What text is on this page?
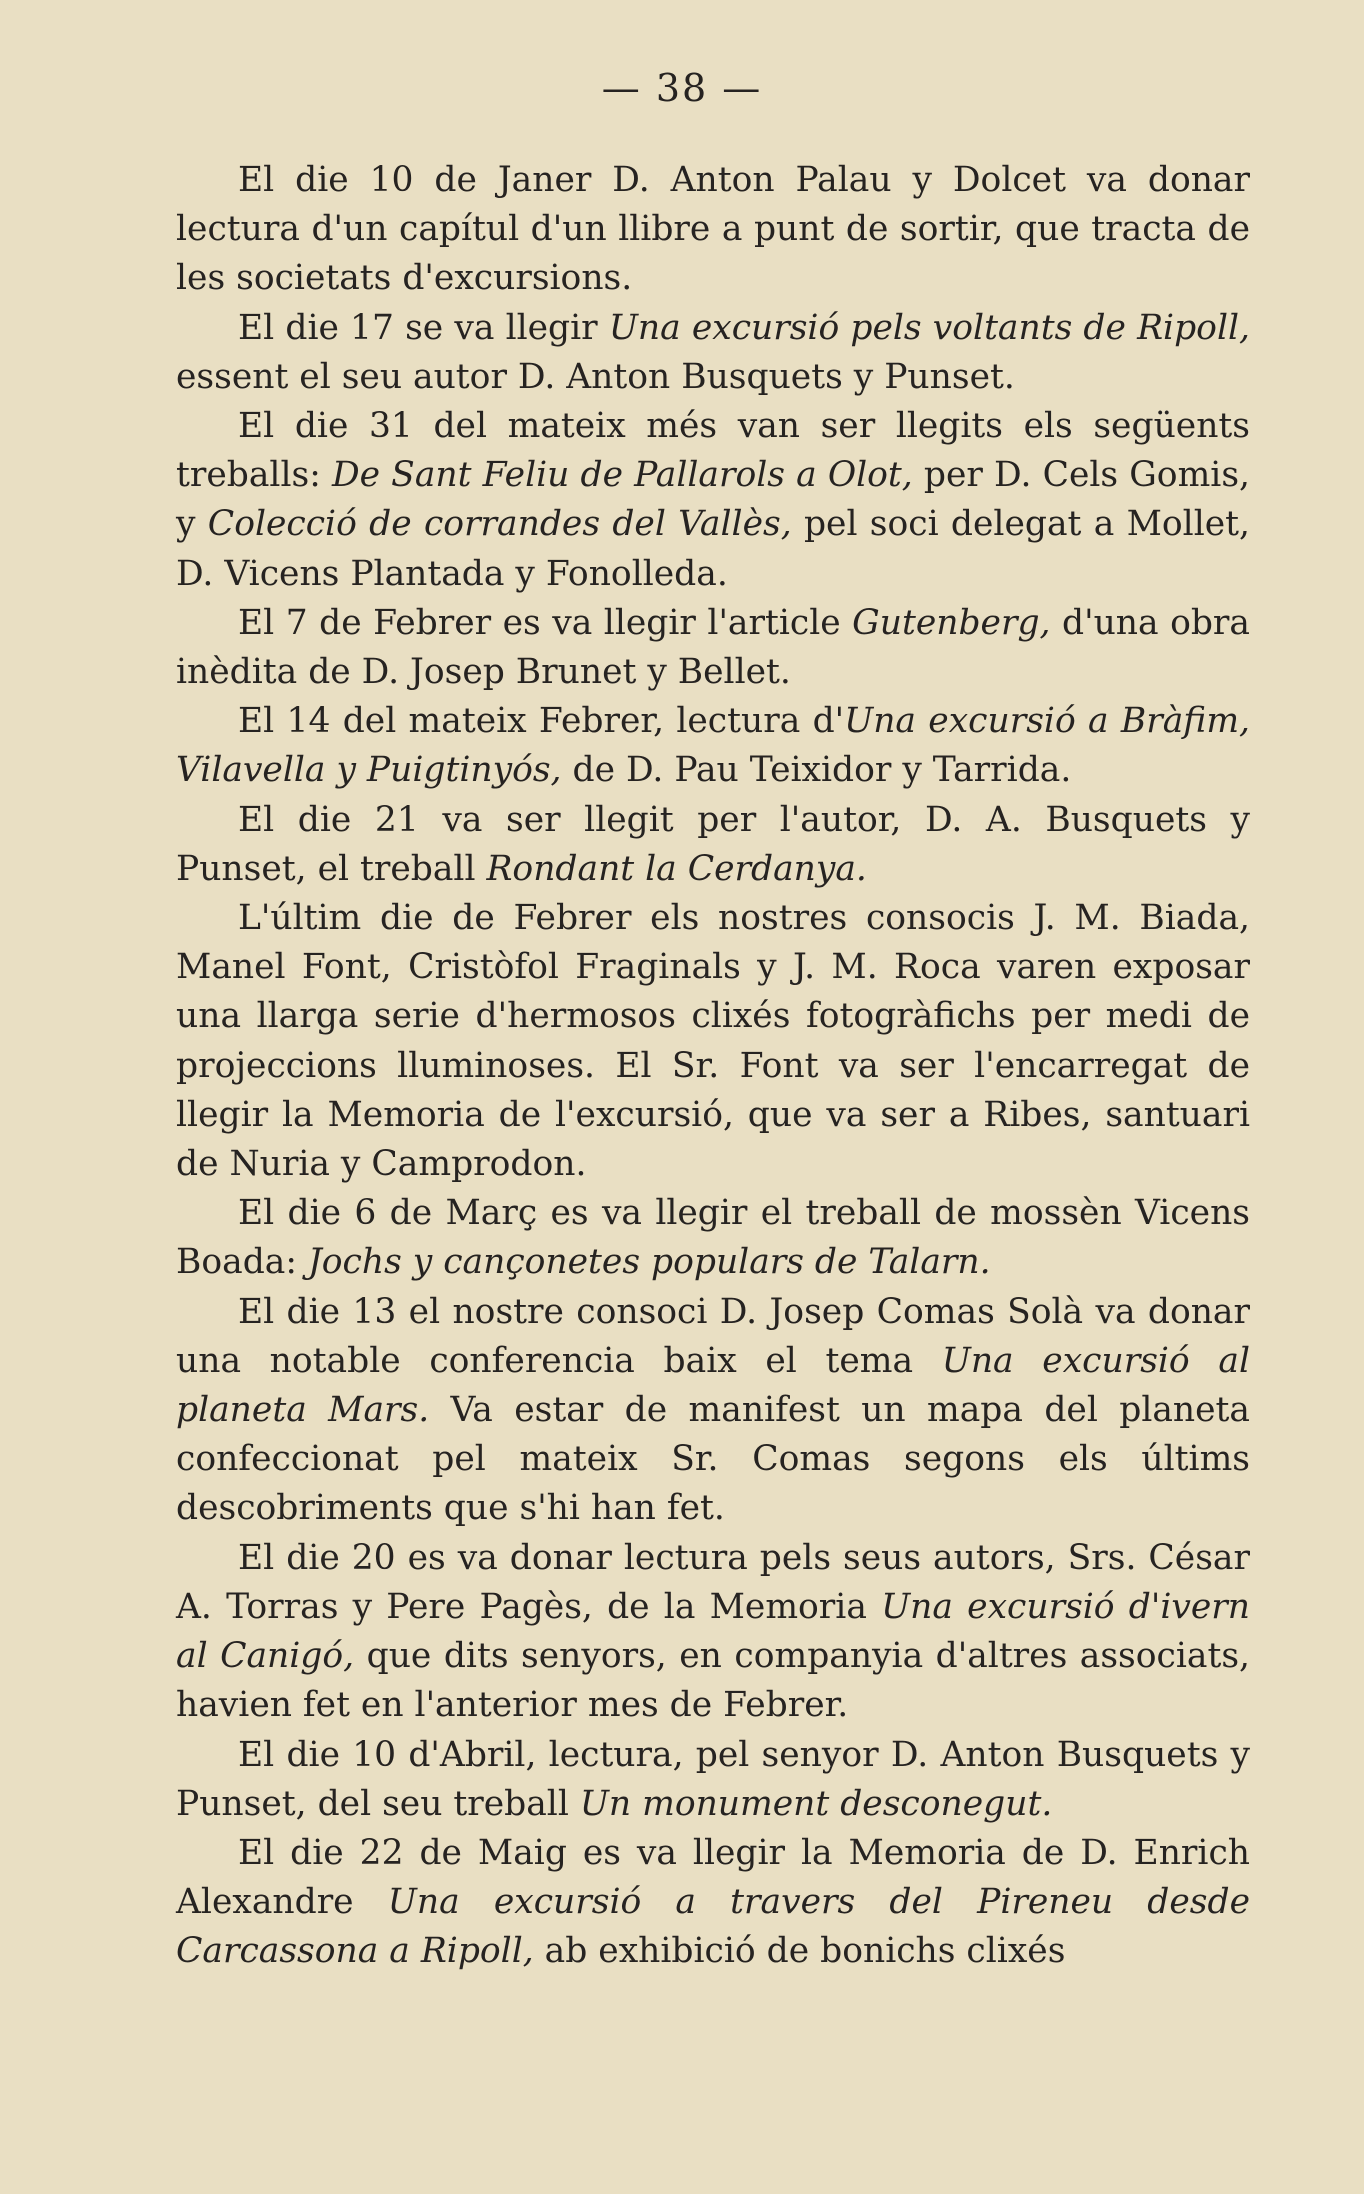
— 38 —

El die 10 de Janer D. Anton Palau y Dolcet va donar lectura d'un capítul d'un llibre a punt de sortir, que tracta de les societats d'excursions.

El die 17 se va llegir Una excursió pels voltants de Ripoll, essent el seu autor D. Anton Busquets y Punset.

El die 31 del mateix més van ser llegits els següents treballs: De Sant Feliu de Pallarols a Olot, per D. Cels Gomis, y Colecció de corrandes del Vallès, pel soci delegat a Mollet, D. Vicens Plantada y Fonolleda.

El 7 de Febrer es va llegir l'article Gutenberg, d'una obra inèdita de D. Josep Brunet y Bellet.

El 14 del mateix Febrer, lectura d'Una excursió a Bràfim, Vilavella y Puigtinyós, de D. Pau Teixidor y Tarrida.

El die 21 va ser llegit per l'autor, D. A. Busquets y Punset, el treball Rondant la Cerdanya.

L'últim die de Febrer els nostres consocis J. M. Biada, Manel Font, Cristòfol Fraginals y J. M. Roca varen exposar una llarga serie d'hermosos clixés fotogràfichs per medi de projeccions lluminoses. El Sr. Font va ser l'encarregat de llegir la Memoria de l'excursió, que va ser a Ribes, santuari de Nuria y Camprodon.

El die 6 de Març es va llegir el treball de mossèn Vicens Boada: Jochs y cançonetes populars de Talarn.

El die 13 el nostre consoci D. Josep Comas Solà va donar una notable conferencia baix el tema Una excursió al planeta Mars. Va estar de manifest un mapa del planeta confeccionat pel mateix Sr. Comas segons els últims descobriments que s'hi han fet.

El die 20 es va donar lectura pels seus autors, Srs. César A. Torras y Pere Pagès, de la Memoria Una excursió d'ivern al Canigó, que dits senyors, en companyia d'altres associats, havien fet en l'anterior mes de Febrer.

El die 10 d'Abril, lectura, pel senyor D. Anton Busquets y Punset, del seu treball Un monument desconegut.

El die 22 de Maig es va llegir la Memoria de D. Enrich Alexandre Una excursió a travers del Pireneu desde Carcassona a Ripoll, ab exhibició de bonichs clixés
